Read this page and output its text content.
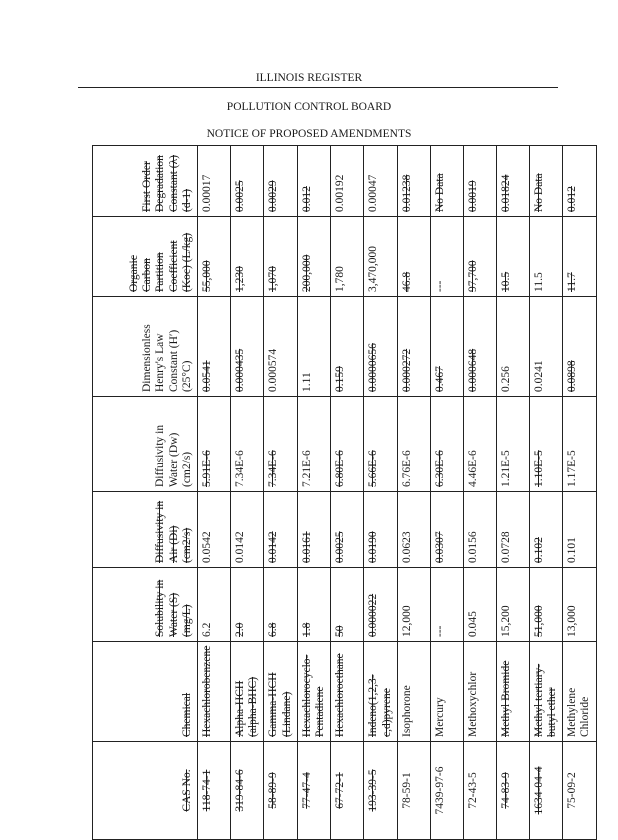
ILLINOIS REGISTER
POLLUTION CONTROL BOARD
NOTICE OF PROPOSED AMENDMENTS
CAS No.	Chemical	Solubility in Water (S) (mg/L)	Diffusivity in Air (Di) (cm2/s)	Diffusivity in Water (Dw) (cm2/s)	Dimensionless Henry's Law Constant (H′) (25°C)	Organic Carbon Partition Coefficient (Koc) (L/kg)	First Order Degradation Constant (λ) (d-1)
118-74-1	Hexachlorobenzene	6.2	0.0542	5.91E-6	0.0541	55,000	0.00017
319-84-6	Alpha-HCH (alpha-BHC)	2.0	0.0142	7.34E-6	0.000435	1,230	0.0025
58-89-9	Gamma-HCH (Lindane)	6.8	0.0142	7.34E-6	0.000574	1,070	0.0029
77-47-4	Hexachlorocyclo-Pentadiene	1.8	0.0161	7.21E-6	1.11	200,000	0.012
67-72-1	Hexachloroethane	50	0.0025	6.80E-6	0.159	1,780	0.00192
193-39-5	Indeno(1,2,3-c,d)pyrene	0.000022	0.0190	5.66E-6	0.0000656	3,470,000	0.00047
78-59-1	Isophorone	12,000	0.0623	6.76E-6	0.000272	46.8	0.01238
7439-97-6	Mercury	---	0.0307	6.30E-6	0.467	---	No Data
72-43-5	Methoxychlor	0.045	0.0156	4.46E-6	0.000648	97,700	0.0019
74-83-9	Methyl Bromide	15,200	0.0728	1.21E-5	0.256	10.5	0.01824
1634-04-4	Methyl tertiary-butyl ether	51,000	0.102	1.10E-5	0.0241	11.5	No Data
75-09-2	Methylene Chloride	13,000	0.101	1.17E-5	0.0898	11.7	0.012
